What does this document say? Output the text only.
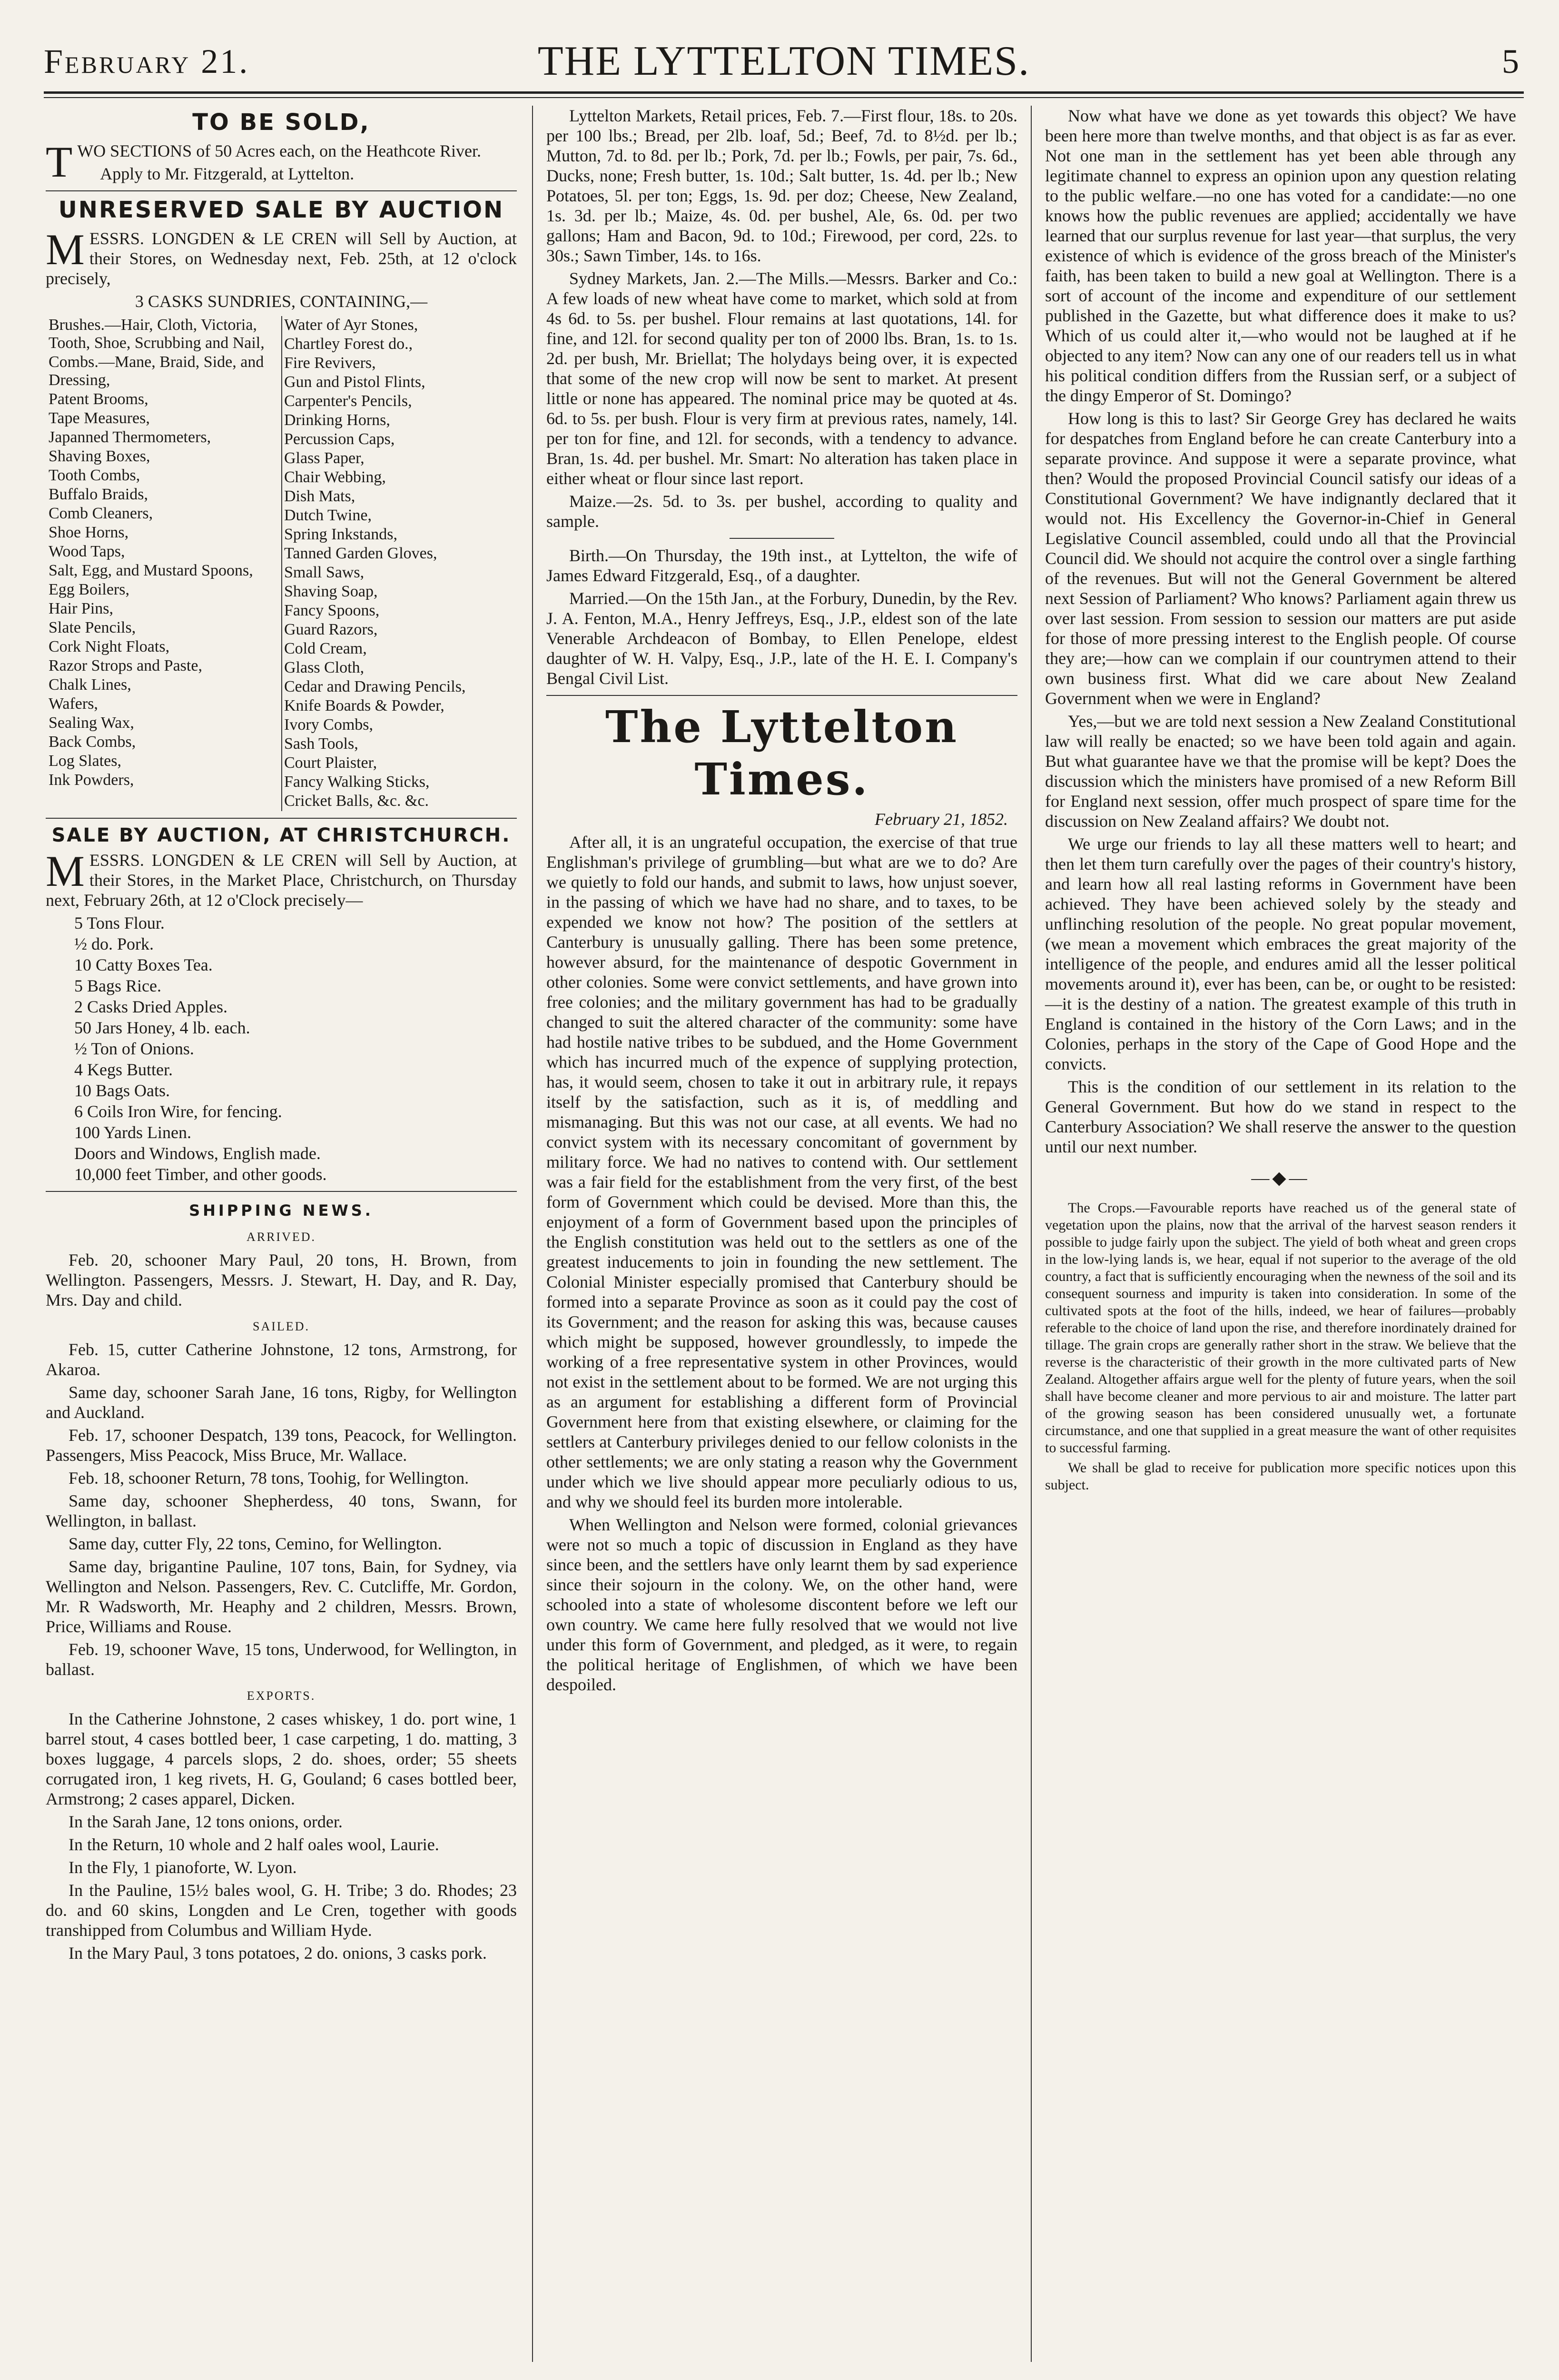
February 21.	THE LYTTELTON TIMES.	5
TO BE SOLD,

TWO SECTIONS of 50 Acres each, on the Heathcote River.

Apply to Mr. Fitzgerald, at Lyttelton.

UNRESERVED SALE BY AUCTION

MESSRS. LONGDEN & LE CREN will Sell by Auction, at their Stores, on Wednesday next, Feb. 25th, at 12 o'clock precisely,

3 CASKS SUNDRIES, CONTAINING,—

Brushes.—Hair, Cloth, Victoria, Tooth, Shoe, Scrubbing and Nail,

Combs.—Mane, Braid, Side, and Dressing,

Patent Brooms,

Tape Measures,

Japanned Thermometers,

Shaving Boxes,

Tooth Combs,

Buffalo Braids,

Comb Cleaners,

Shoe Horns,

Wood Taps,

Salt, Egg, and Mustard Spoons,

Egg Boilers,

Hair Pins,

Slate Pencils,

Cork Night Floats,

Razor Strops and Paste,

Chalk Lines,

Wafers,

Sealing Wax,

Back Combs,

Log Slates,

Ink Powders,

Water of Ayr Stones,

Chartley Forest do.,

Fire Revivers,

Gun and Pistol Flints,

Carpenter's Pencils,

Drinking Horns,

Percussion Caps,

Glass Paper,

Chair Webbing,

Dish Mats,

Dutch Twine,

Spring Inkstands,

Tanned Garden Gloves,

Small Saws,

Shaving Soap,

Fancy Spoons,

Guard Razors,

Cold Cream,

Glass Cloth,

Cedar and Drawing Pencils,

Knife Boards & Powder,

Ivory Combs,

Sash Tools,

Court Plaister,

Fancy Walking Sticks,

Cricket Balls, &c. &c.

SALE BY AUCTION, AT CHRISTCHURCH.

MESSRS. LONGDEN & LE CREN will Sell by Auction, at their Stores, in the Market Place, Christchurch, on Thursday next, February 26th, at 12 o'Clock precisely—

5 Tons Flour.

½ do. Pork.

10 Catty Boxes Tea.

5 Bags Rice.

2 Casks Dried Apples.

50 Jars Honey, 4 lb. each.

½ Ton of Onions.

4 Kegs Butter.

10 Bags Oats.

6 Coils Iron Wire, for fencing.

100 Yards Linen.

Doors and Windows, English made.

10,000 feet Timber, and other goods.

SHIPPING NEWS.
ARRIVED.

Feb. 20, schooner Mary Paul, 20 tons, H. Brown, from Wellington. Passengers, Messrs. J. Stewart, H. Day, and R. Day, Mrs. Day and child.

SAILED.

Feb. 15, cutter Catherine Johnstone, 12 tons, Armstrong, for Akaroa.

Same day, schooner Sarah Jane, 16 tons, Rigby, for Wellington and Auckland.

Feb. 17, schooner Despatch, 139 tons, Peacock, for Wellington. Passengers, Miss Peacock, Miss Bruce, Mr. Wallace.

Feb. 18, schooner Return, 78 tons, Toohig, for Wellington.

Same day, schooner Shepherdess, 40 tons, Swann, for Wellington, in ballast.

Same day, cutter Fly, 22 tons, Cemino, for Wellington.

Same day, brigantine Pauline, 107 tons, Bain, for Sydney, via Wellington and Nelson. Passengers, Rev. C. Cutcliffe, Mr. Gordon, Mr. R Wadsworth, Mr. Heaphy and 2 children, Messrs. Brown, Price, Williams and Rouse.

Feb. 19, schooner Wave, 15 tons, Underwood, for Wellington, in ballast.

EXPORTS.

In the Catherine Johnstone, 2 cases whiskey, 1 do. port wine, 1 barrel stout, 4 cases bottled beer, 1 case carpeting, 1 do. matting, 3 boxes luggage, 4 parcels slops, 2 do. shoes, order; 55 sheets corrugated iron, 1 keg rivets, H. G, Gouland; 6 cases bottled beer, Armstrong; 2 cases apparel, Dicken.

In the Sarah Jane, 12 tons onions, order.

In the Return, 10 whole and 2 half oales wool, Laurie.

In the Fly, 1 pianoforte, W. Lyon.

In the Pauline, 15½ bales wool, G. H. Tribe; 3 do. Rhodes; 23 do. and 60 skins, Longden and Le Cren, together with goods transhipped from Columbus and William Hyde.

In the Mary Paul, 3 tons potatoes, 2 do. onions, 3 casks pork.

Lyttelton Markets, Retail prices, Feb. 7.—First flour, 18s. to 20s. per 100 lbs.; Bread, per 2lb. loaf, 5d.; Beef, 7d. to 8½d. per lb.; Mutton, 7d. to 8d. per lb.; Pork, 7d. per lb.; Fowls, per pair, 7s. 6d., Ducks, none; Fresh butter, 1s. 10d.; Salt butter, 1s. 4d. per lb.; New Potatoes, 5l. per ton; Eggs, 1s. 9d. per doz; Cheese, New Zealand, 1s. 3d. per lb.; Maize, 4s. 0d. per bushel, Ale, 6s. 0d. per two gallons; Ham and Bacon, 9d. to 10d.; Firewood, per cord, 22s. to 30s.; Sawn Timber, 14s. to 16s.

Sydney Markets, Jan. 2.—The Mills.—Messrs. Barker and Co.: A few loads of new wheat have come to market, which sold at from 4s 6d. to 5s. per bushel. Flour remains at last quotations, 14l. for fine, and 12l. for second quality per ton of 2000 lbs. Bran, 1s. to 1s. 2d. per bush, Mr. Briellat; The holydays being over, it is expected that some of the new crop will now be sent to market. At present little or none has appeared. The nominal price may be quoted at 4s. 6d. to 5s. per bush. Flour is very firm at previous rates, namely, 14l. per ton for fine, and 12l. for seconds, with a tendency to advance. Bran, 1s. 4d. per bushel. Mr. Smart: No alteration has taken place in either wheat or flour since last report.

Maize.—2s. 5d. to 3s. per bushel, according to quality and sample.

Birth.—On Thursday, the 19th inst., at Lyttelton, the wife of James Edward Fitzgerald, Esq., of a daughter.

Married.—On the 15th Jan., at the Forbury, Dunedin, by the Rev. J. A. Fenton, M.A., Henry Jeffreys, Esq., J.P., eldest son of the late Venerable Archdeacon of Bombay, to Ellen Penelope, eldest daughter of W. H. Valpy, Esq., J.P., late of the H. E. I. Company's Bengal Civil List.

The Lyttelton Times.
February 21, 1852.

After all, it is an ungrateful occupation, the exercise of that true Englishman's privilege of grumbling—but what are we to do? Are we quietly to fold our hands, and submit to laws, how unjust soever, in the passing of which we have had no share, and to taxes, to be expended we know not how? The position of the settlers at Canterbury is unusually galling. There has been some pretence, however absurd, for the maintenance of despotic Government in other colonies. Some were convict settlements, and have grown into free colonies; and the military government has had to be gradually changed to suit the altered character of the community: some have had hostile native tribes to be subdued, and the Home Government which has incurred much of the expence of supplying protection, has, it would seem, chosen to take it out in arbitrary rule, it repays itself by the satisfaction, such as it is, of meddling and mismanaging. But this was not our case, at all events. We had no convict system with its necessary concomitant of government by military force. We had no natives to contend with. Our settlement was a fair field for the establishment from the very first, of the best form of Government which could be devised. More than this, the enjoyment of a form of Government based upon the principles of the English constitution was held out to the settlers as one of the greatest inducements to join in founding the new settlement. The Colonial Minister especially promised that Canterbury should be formed into a separate Province as soon as it could pay the cost of its Government; and the reason for asking this was, because causes which might be supposed, however groundlessly, to impede the working of a free representative system in other Provinces, would not exist in the settlement about to be formed. We are not urging this as an argument for establishing a different form of Provincial Government here from that existing elsewhere, or claiming for the settlers at Canterbury privileges denied to our fellow colonists in the other settlements; we are only stating a reason why the Government under which we live should appear more peculiarly odious to us, and why we should feel its burden more intolerable.

When Wellington and Nelson were formed, colonial grievances were not so much a topic of discussion in England as they have since been, and the settlers have only learnt them by sad experience since their sojourn in the colony. We, on the other hand, were schooled into a state of wholesome discontent before we left our own country. We came here fully resolved that we would not live under this form of Government, and pledged, as it were, to regain the political heritage of Englishmen, of which we have been despoiled.

Now what have we done as yet towards this object? We have been here more than twelve months, and that object is as far as ever. Not one man in the settlement has yet been able through any legitimate channel to express an opinion upon any question relating to the public welfare.—no one has voted for a candidate:—no one knows how the public revenues are applied; accidentally we have learned that our surplus revenue for last year—that surplus, the very existence of which is evidence of the gross breach of the Minister's faith, has been taken to build a new goal at Wellington. There is a sort of account of the income and expenditure of our settlement published in the Gazette, but what difference does it make to us? Which of us could alter it,—who would not be laughed at if he objected to any item? Now can any one of our readers tell us in what his political condition differs from the Russian serf, or a subject of the dingy Emperor of St. Domingo?

How long is this to last? Sir George Grey has declared he waits for despatches from England before he can create Canterbury into a separate province. And suppose it were a separate province, what then? Would the proposed Provincial Council satisfy our ideas of a Constitutional Government? We have indignantly declared that it would not. His Excellency the Governor-in-Chief in General Legislative Council assembled, could undo all that the Provincial Council did. We should not acquire the control over a single farthing of the revenues. But will not the General Government be altered next Session of Parliament? Who knows? Parliament again threw us over last session. From session to session our matters are put aside for those of more pressing interest to the English people. Of course they are;—how can we complain if our countrymen attend to their own business first. What did we care about New Zealand Government when we were in England?

Yes,—but we are told next session a New Zealand Constitutional law will really be enacted; so we have been told again and again. But what guarantee have we that the promise will be kept? Does the discussion which the ministers have promised of a new Reform Bill for England next session, offer much prospect of spare time for the discussion on New Zealand affairs? We doubt not.

We urge our friends to lay all these matters well to heart; and then let them turn carefully over the pages of their country's history, and learn how all real lasting reforms in Government have been achieved. They have been achieved solely by the steady and unflinching resolution of the people. No great popular movement, (we mean a movement which embraces the great majority of the intelligence of the people, and endures amid all the lesser political movements around it), ever has been, can be, or ought to be resisted:—it is the destiny of a nation. The greatest example of this truth in England is contained in the history of the Corn Laws; and in the Colonies, perhaps in the story of the Cape of Good Hope and the convicts.

This is the condition of our settlement in its relation to the General Government. But how do we stand in respect to the Canterbury Association? We shall reserve the answer to the question until our next number.

—◆—

The Crops.—Favourable reports have reached us of the general state of vegetation upon the plains, now that the arrival of the harvest season renders it possible to judge fairly upon the subject. The yield of both wheat and green crops in the low-lying lands is, we hear, equal if not superior to the average of the old country, a fact that is sufficiently encouraging when the newness of the soil and its consequent sourness and impurity is taken into consideration. In some of the cultivated spots at the foot of the hills, indeed, we hear of failures—probably referable to the choice of land upon the rise, and therefore inordinately drained for tillage. The grain crops are generally rather short in the straw. We believe that the reverse is the characteristic of their growth in the more cultivated parts of New Zealand. Altogether affairs argue well for the plenty of future years, when the soil shall have become cleaner and more pervious to air and moisture. The latter part of the growing season has been considered unusually wet, a fortunate circumstance, and one that supplied in a great measure the want of other requisites to successful farming.

We shall be glad to receive for publication more specific notices upon this subject.
